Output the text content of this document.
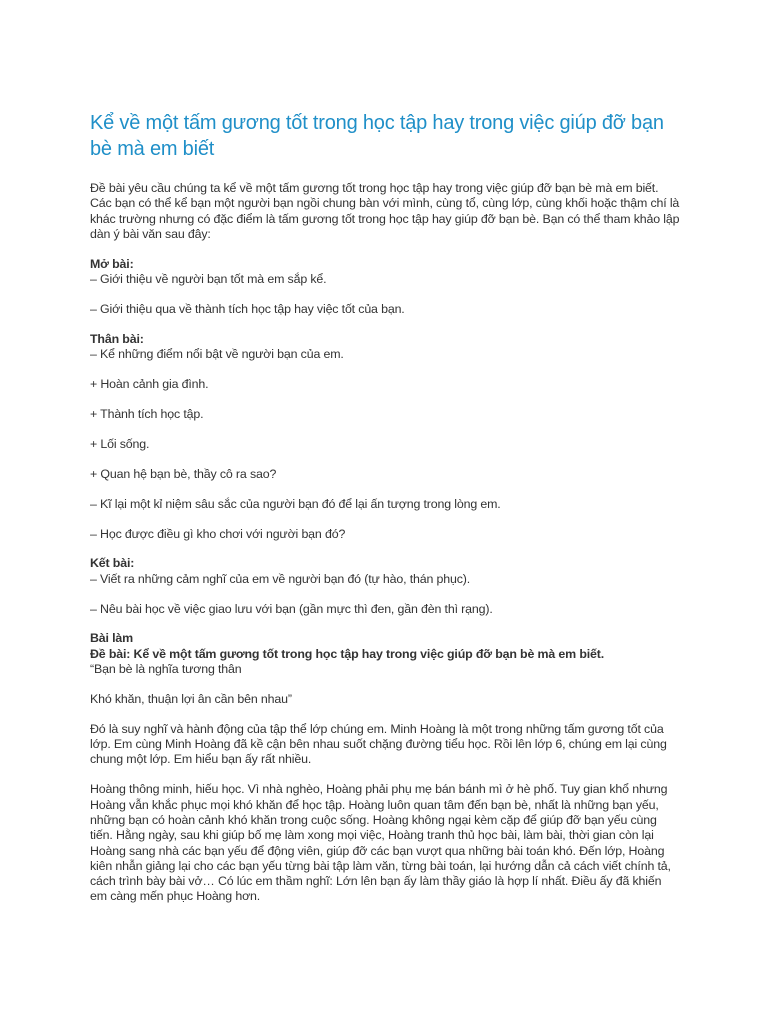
Kể về một tấm gương tốt trong học tập hay trong việc giúp đỡ bạn bè mà em biết

Đề bài yêu cầu chúng ta kể về một tấm gương tốt trong học tập hay trong việc giúp đỡ bạn bè mà em biết. Các bạn có thể kể bạn một người bạn ngồi chung bàn với mình, cùng tổ, cùng lớp, cùng khối hoặc thậm chí là khác trường nhưng có đặc điểm là tấm gương tốt trong học tập hay giúp đỡ bạn bè. Bạn có thể tham khảo lập dàn ý bài văn sau đây:

Mở bài:

– Giới thiệu về người bạn tốt mà em sắp kể.

– Giới thiệu qua về thành tích học tập hay việc tốt của bạn.

Thân bài:

– Kể những điểm nổi bật về người bạn của em.

+ Hoàn cảnh gia đình.

+ Thành tích học tập.

+ Lối sống.

+ Quan hệ bạn bè, thầy cô ra sao?

– Kĩ lại một kỉ niệm sâu sắc của người bạn đó để lại ấn tượng trong lòng em.

– Học được điều gì kho chơi với người bạn đó?

Kết bài:

– Viết ra những cảm nghĩ của em về người bạn đó (tự hào, thán phục).

– Nêu bài học về việc giao lưu với bạn (gần mực thì đen, gần đèn thì rạng).

Bài làm

Đề bài: Kể về một tấm gương tốt trong học tập hay trong việc giúp đỡ bạn bè mà em biết.

“Bạn bè là nghĩa tương thân

Khó khăn, thuận lợi ân cần bên nhau”

Đó là suy nghĩ và hành động của tập thể lớp chúng em. Minh Hoàng là một trong những tấm gương tốt của lớp. Em cùng Minh Hoàng đã kề cận bên nhau suốt chặng đường tiểu học. Rồi lên lớp 6, chúng em lại cùng chung một lớp. Em hiểu bạn ấy rất nhiều.

Hoàng thông minh, hiếu học. Vì nhà nghèo, Hoàng phải phụ mẹ bán bánh mì ở hè phố. Tuy gian khổ nhưng Hoàng vẫn khắc phục mọi khó khăn để học tập. Hoàng luôn quan tâm đến bạn bè, nhất là những bạn yếu, những bạn có hoàn cảnh khó khăn trong cuộc sống. Hoàng không ngại kèm cặp để giúp đỡ bạn yếu cùng tiến. Hằng ngày, sau khi giúp bố mẹ làm xong mọi việc, Hoàng tranh thủ học bài, làm bài, thời gian còn lại Hoàng sang nhà các bạn yếu để động viên, giúp đỡ các bạn vượt qua những bài toán khó. Đến lớp, Hoàng kiên nhẫn giảng lại cho các bạn yếu từng bài tập làm văn, từng bài toán, lại hướng dẫn cả cách viết chính tả, cách trình bày bài vở… Có lúc em thầm nghĩ: Lớn lên bạn ấy làm thầy giáo là hợp lí nhất. Điều ấy đã khiến em càng mến phục Hoàng hơn.
